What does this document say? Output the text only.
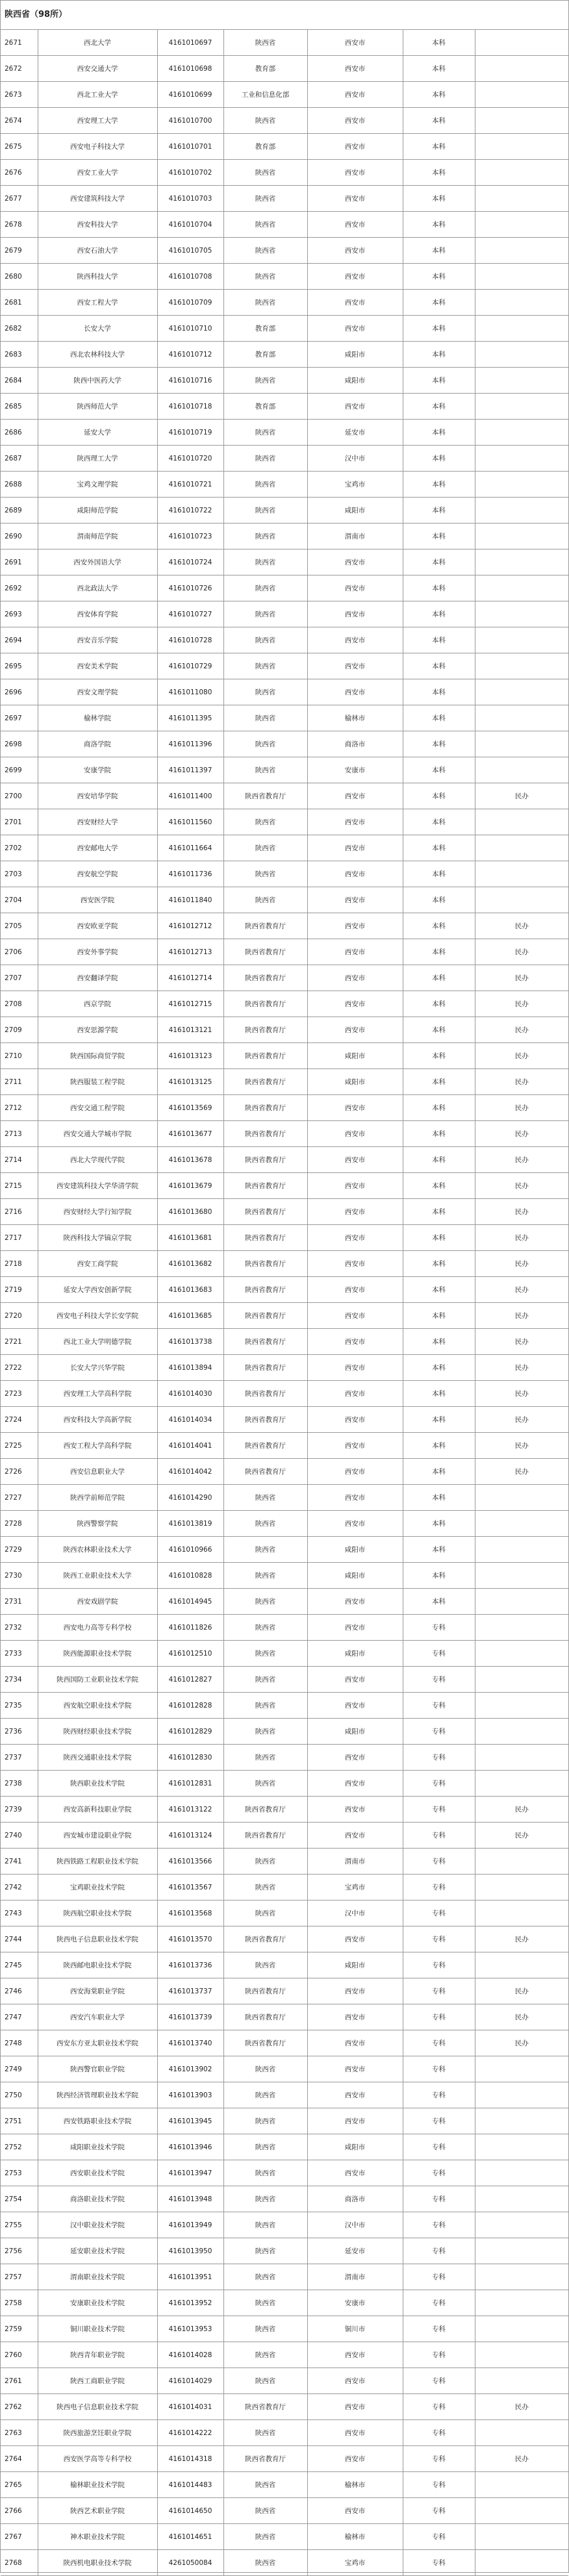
陕西省（98所）
2671	西北大学	4161010697	陕西省	西安市	本科	
2672	西安交通大学	4161010698	教育部	西安市	本科	
2673	西北工业大学	4161010699	工业和信息化部	西安市	本科	
2674	西安理工大学	4161010700	陕西省	西安市	本科	
2675	西安电子科技大学	4161010701	教育部	西安市	本科	
2676	西安工业大学	4161010702	陕西省	西安市	本科	
2677	西安建筑科技大学	4161010703	陕西省	西安市	本科	
2678	西安科技大学	4161010704	陕西省	西安市	本科	
2679	西安石油大学	4161010705	陕西省	西安市	本科	
2680	陕西科技大学	4161010708	陕西省	西安市	本科	
2681	西安工程大学	4161010709	陕西省	西安市	本科	
2682	长安大学	4161010710	教育部	西安市	本科	
2683	西北农林科技大学	4161010712	教育部	咸阳市	本科	
2684	陕西中医药大学	4161010716	陕西省	咸阳市	本科	
2685	陕西师范大学	4161010718	教育部	西安市	本科	
2686	延安大学	4161010719	陕西省	延安市	本科	
2687	陕西理工大学	4161010720	陕西省	汉中市	本科	
2688	宝鸡文理学院	4161010721	陕西省	宝鸡市	本科	
2689	咸阳师范学院	4161010722	陕西省	咸阳市	本科	
2690	渭南师范学院	4161010723	陕西省	渭南市	本科	
2691	西安外国语大学	4161010724	陕西省	西安市	本科	
2692	西北政法大学	4161010726	陕西省	西安市	本科	
2693	西安体育学院	4161010727	陕西省	西安市	本科	
2694	西安音乐学院	4161010728	陕西省	西安市	本科	
2695	西安美术学院	4161010729	陕西省	西安市	本科	
2696	西安文理学院	4161011080	陕西省	西安市	本科	
2697	榆林学院	4161011395	陕西省	榆林市	本科	
2698	商洛学院	4161011396	陕西省	商洛市	本科	
2699	安康学院	4161011397	陕西省	安康市	本科	
2700	西安培华学院	4161011400	陕西省教育厅	西安市	本科	民办
2701	西安财经大学	4161011560	陕西省	西安市	本科	
2702	西安邮电大学	4161011664	陕西省	西安市	本科	
2703	西安航空学院	4161011736	陕西省	西安市	本科	
2704	西安医学院	4161011840	陕西省	西安市	本科	
2705	西安欧亚学院	4161012712	陕西省教育厅	西安市	本科	民办
2706	西安外事学院	4161012713	陕西省教育厅	西安市	本科	民办
2707	西安翻译学院	4161012714	陕西省教育厅	西安市	本科	民办
2708	西京学院	4161012715	陕西省教育厅	西安市	本科	民办
2709	西安思源学院	4161013121	陕西省教育厅	西安市	本科	民办
2710	陕西国际商贸学院	4161013123	陕西省教育厅	咸阳市	本科	民办
2711	陕西服装工程学院	4161013125	陕西省教育厅	咸阳市	本科	民办
2712	西安交通工程学院	4161013569	陕西省教育厅	西安市	本科	民办
2713	西安交通大学城市学院	4161013677	陕西省教育厅	西安市	本科	民办
2714	西北大学现代学院	4161013678	陕西省教育厅	西安市	本科	民办
2715	西安建筑科技大学华清学院	4161013679	陕西省教育厅	西安市	本科	民办
2716	西安财经大学行知学院	4161013680	陕西省教育厅	西安市	本科	民办
2717	陕西科技大学镐京学院	4161013681	陕西省教育厅	西安市	本科	民办
2718	西安工商学院	4161013682	陕西省教育厅	西安市	本科	民办
2719	延安大学西安创新学院	4161013683	陕西省教育厅	西安市	本科	民办
2720	西安电子科技大学长安学院	4161013685	陕西省教育厅	西安市	本科	民办
2721	西北工业大学明德学院	4161013738	陕西省教育厅	西安市	本科	民办
2722	长安大学兴华学院	4161013894	陕西省教育厅	西安市	本科	民办
2723	西安理工大学高科学院	4161014030	陕西省教育厅	西安市	本科	民办
2724	西安科技大学高新学院	4161014034	陕西省教育厅	西安市	本科	民办
2725	西安工程大学高科学院	4161014041	陕西省教育厅	西安市	本科	民办
2726	西安信息职业大学	4161014042	陕西省教育厅	西安市	本科	民办
2727	陕西学前师范学院	4161014290	陕西省	西安市	本科	
2728	陕西警察学院	4161013819	陕西省	西安市	本科	
2729	陕西农林职业技术大学	4161010966	陕西省	咸阳市	本科	
2730	陕西工业职业技术大学	4161010828	陕西省	咸阳市	本科	
2731	西安戏剧学院	4161014945	陕西省	西安市	本科	
2732	西安电力高等专科学校	4161011826	陕西省	西安市	专科	
2733	陕西能源职业技术学院	4161012510	陕西省	咸阳市	专科	
2734	陕西国防工业职业技术学院	4161012827	陕西省	西安市	专科	
2735	西安航空职业技术学院	4161012828	陕西省	西安市	专科	
2736	陕西财经职业技术学院	4161012829	陕西省	咸阳市	专科	
2737	陕西交通职业技术学院	4161012830	陕西省	西安市	专科	
2738	陕西职业技术学院	4161012831	陕西省	西安市	专科	
2739	西安高新科技职业学院	4161013122	陕西省教育厅	西安市	专科	民办
2740	西安城市建设职业学院	4161013124	陕西省教育厅	西安市	专科	民办
2741	陕西铁路工程职业技术学院	4161013566	陕西省	渭南市	专科	
2742	宝鸡职业技术学院	4161013567	陕西省	宝鸡市	专科	
2743	陕西航空职业技术学院	4161013568	陕西省	汉中市	专科	
2744	陕西电子信息职业技术学院	4161013570	陕西省教育厅	西安市	专科	民办
2745	陕西邮电职业技术学院	4161013736	陕西省	咸阳市	专科	
2746	西安海棠职业学院	4161013737	陕西省教育厅	西安市	专科	民办
2747	西安汽车职业大学	4161013739	陕西省教育厅	西安市	专科	民办
2748	西安东方亚太职业技术学院	4161013740	陕西省教育厅	西安市	专科	民办
2749	陕西警官职业学院	4161013902	陕西省	西安市	专科	
2750	陕西经济管理职业技术学院	4161013903	陕西省	西安市	专科	
2751	西安铁路职业技术学院	4161013945	陕西省	西安市	专科	
2752	咸阳职业技术学院	4161013946	陕西省	咸阳市	专科	
2753	西安职业技术学院	4161013947	陕西省	西安市	专科	
2754	商洛职业技术学院	4161013948	陕西省	商洛市	专科	
2755	汉中职业技术学院	4161013949	陕西省	汉中市	专科	
2756	延安职业技术学院	4161013950	陕西省	延安市	专科	
2757	渭南职业技术学院	4161013951	陕西省	渭南市	专科	
2758	安康职业技术学院	4161013952	陕西省	安康市	专科	
2759	铜川职业技术学院	4161013953	陕西省	铜川市	专科	
2760	陕西青年职业学院	4161014028	陕西省	西安市	专科	
2761	陕西工商职业学院	4161014029	陕西省	西安市	专科	
2762	陕西电子信息职业技术学院	4161014031	陕西省教育厅	西安市	专科	民办
2763	陕西旅游烹饪职业学院	4161014222	陕西省	西安市	专科	
2764	西安医学高等专科学校	4161014318	陕西省教育厅	西安市	专科	民办
2765	榆林职业技术学院	4161014483	陕西省	榆林市	专科	
2766	陕西艺术职业学院	4161014650	陕西省	西安市	专科	
2767	神木职业技术学院	4161014651	陕西省	榆林市	专科	
2768	陕西机电职业技术学院	4261050084	陕西省	宝鸡市	专科	
